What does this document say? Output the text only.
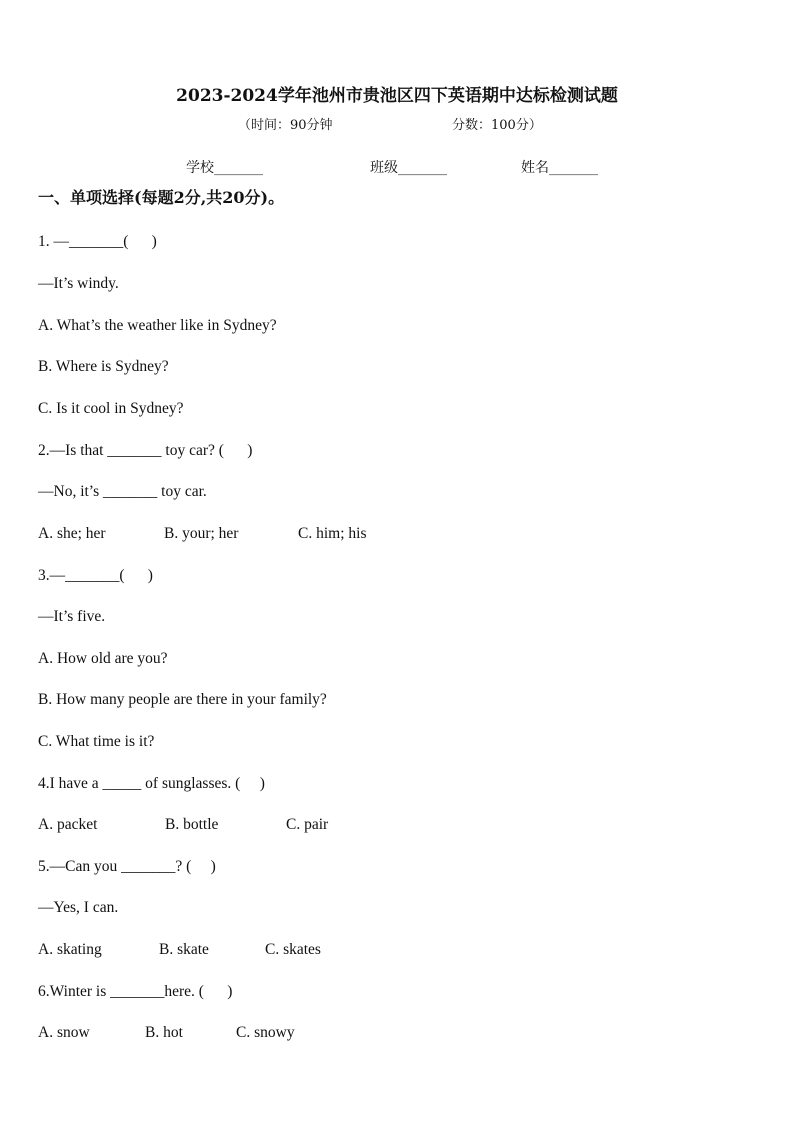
2023-2024学年池州市贵池区四下英语期中达标检测试题
（时间：90分钟	分数：100分）
学校_______	班级_______	姓名_______
一、单项选择(每题2分,共20分)。
1. —_______(      )
—It’s windy.
A. What’s the weather like in Sydney?
B. Where is Sydney?
C. Is it cool in Sydney?
2.—Is that _______ toy car? (      )
—No, it’s _______ toy car.
A. she; her	B. your; her	C. him; his
3.—_______(      )
—It’s five.
A. How old are you?
B. How many people are there in your family?
C. What time is it?
4.I have a _____ of sunglasses. (     )
A. packet	B. bottle	C. pair
5.—Can you _______? (     )
—Yes, I can.
A. skating	B. skate	C. skates
6.Winter is _______here. (      )
A. snow	B. hot	C. snowy
